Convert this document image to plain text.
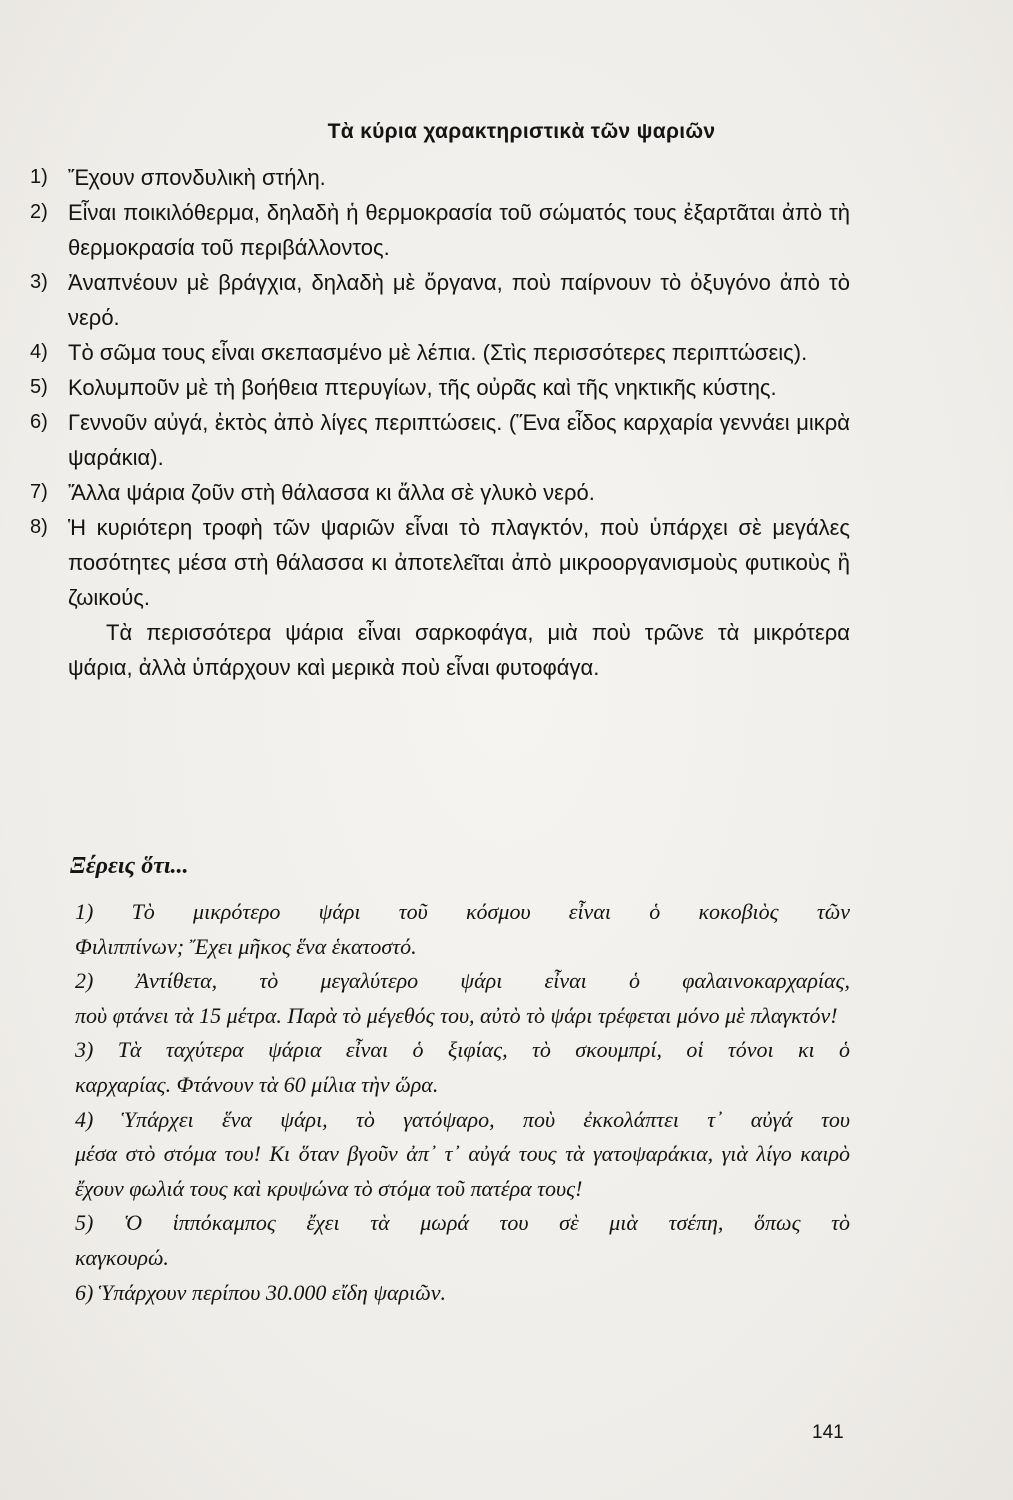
Τὰ κύρια χαρακτηριστικὰ τῶν ψαριῶν
1) Ἔχουν σπονδυλικὴ στήλη.
2) Εἶναι ποικιλόθερμα, δηλαδὴ ἡ θερμοκρασία τοῦ σώματός τους ἐξαρτᾶται ἀπὸ τὴ θερμοκρασία τοῦ περιβάλλοντος.
3) Ἀναπνέουν μὲ βράγχια, δηλαδὴ μὲ ὄργανα, ποὺ παίρνουν τὸ ὀξυγόνο ἀπὸ τὸ νερό.
4) Τὸ σῶμα τους εἶναι σκεπασμένο μὲ λέπια. (Στὶς περισσότερες περιπτώσεις).
5) Κολυμποῦν μὲ τὴ βοήθεια πτερυγίων, τῆς οὐρᾶς καὶ τῆς νηκτικῆς κύστης.
6) Γεννοῦν αὐγά, ἐκτὸς ἀπὸ λίγες περιπτώσεις. (Ἕνα εἶδος καρχαρία γεννάει μικρὰ ψαράκια).
7) Ἄλλα ψάρια ζοῦν στὴ θάλασσα κι ἄλλα σὲ γλυκὸ νερό.
8) Ἡ κυριότερη τροφὴ τῶν ψαριῶν εἶναι τὸ πλαγκτόν, ποὺ ὑπάρχει σὲ μεγάλες ποσότητες μέσα στὴ θάλασσα κι ἀποτελεῖται ἀπὸ μικροοργανισμοὺς φυτικοὺς ἢ ζωικούς.
Τὰ περισσότερα ψάρια εἶναι σαρκοφάγα, μιὰ ποὺ τρῶνε τὰ μικρότερα ψάρια, ἀλλὰ ὑπάρχουν καὶ μερικὰ ποὺ εἶναι φυτοφάγα.
Ξέρεις ὅτι...
1) Τὸ μικρότερο ψάρι τοῦ κόσμου εἶναι ὁ κοκοβιὸς τῶν
Φιλιππίνων; Ἔχει μῆκος ἕνα ἑκατοστό.
2) Ἀντίθετα, τὸ μεγαλύτερο ψάρι εἶναι ὁ φαλαινοκαρχαρίας,
ποὺ φτάνει τὰ 15 μέτρα. Παρὰ τὸ μέγεθός του, αὐτὸ τὸ ψάρι τρέφεται μόνο μὲ πλαγκτόν!
3) Τὰ ταχύτερα ψάρια εἶναι ὁ ξιφίας, τὸ σκουμπρί, οἱ τόνοι κι ὁ
καρχαρίας. Φτάνουν τὰ 60 μίλια τὴν ὥρα.
4) Ὑπάρχει ἕνα ψάρι, τὸ γατόψαρο, ποὺ ἐκκολάπτει τ᾽ αὐγά του
μέσα στὸ στόμα του! Κι ὅταν βγοῦν ἀπ᾽ τ᾽ αὐγά τους τὰ γατοψαράκια, γιὰ λίγο καιρὸ ἔχουν φωλιά τους καὶ κρυψώνα τὸ στόμα τοῦ πατέρα τους!
5) Ὁ ἱππόκαμπος ἔχει τὰ μωρά του σὲ μιὰ τσέπη, ὅπως τὸ
καγκουρώ.
6) Ὑπάρχουν περίπου 30.000 εἴδη ψαριῶν.
141
